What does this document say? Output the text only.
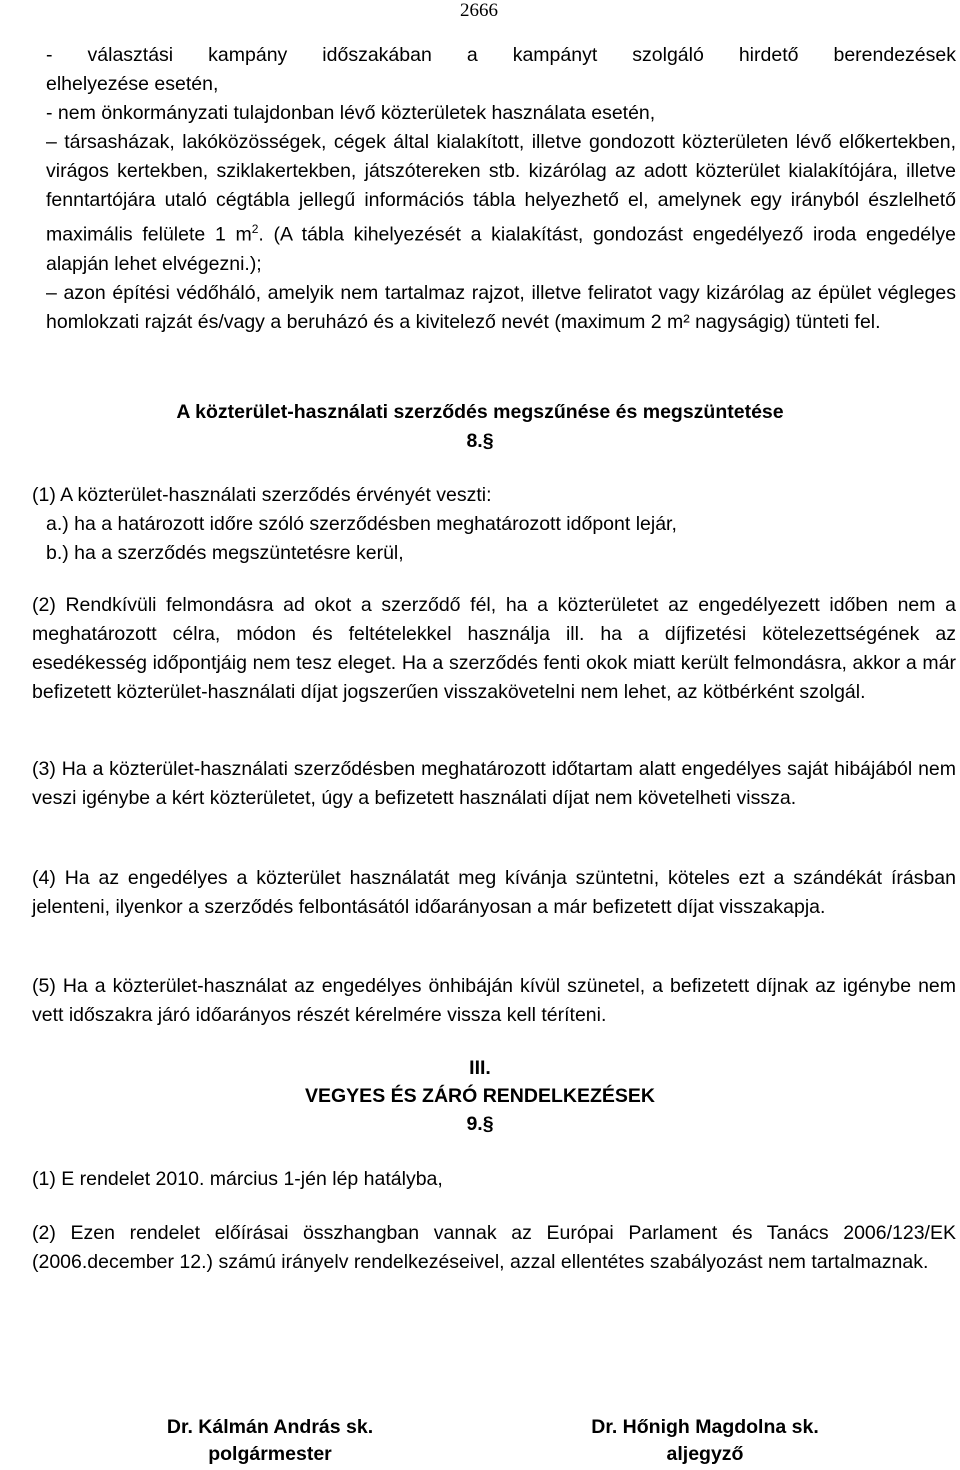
2666

- választási kampány időszakában a kampányt szolgáló hirdető berendezések

elhelyezése esetén,

- nem önkormányzati tulajdonban lévő közterületek használata esetén,

– társasházak, lakóközösségek, cégek által kialakított, illetve gondozott közterületen lévő előkertekben, virágos kertekben, sziklakertekben, játszótereken stb. kizárólag az adott közterület kialakítójára, illetve fenntartójára utaló cégtábla jellegű információs tábla helyezhető el, amelynek egy irányból észlelhető maximális felülete 1 $m^2$. (A tábla kihelyezését a kialakítást, gondozást engedélyező iroda engedélye alapján lehet elvégezni.);

– azon építési védőháló, amelyik nem tartalmaz rajzot, illetve feliratot vagy kizárólag az épület végleges homlokzati rajzát és/vagy a beruházó és a kivitelező nevét (maximum 2 m² nagyságig) tünteti fel.

A közterület-használati szerződés megszűnése és megszüntetése
8.§

(1) A közterület-használati szerződés érvényét veszti:

a.) ha a határozott időre szóló szerződésben meghatározott időpont lejár,

b.) ha a szerződés megszüntetésre kerül,

(2) Rendkívüli felmondásra ad okot a szerződő fél, ha a közterületet az engedélyezett időben nem a meghatározott célra, módon és feltételekkel használja ill. ha a díjfizetési kötelezettségének az esedékesség időpontjáig nem tesz eleget. Ha a szerződés fenti okok miatt került felmondásra, akkor a már befizetett közterület-használati díjat jogszerűen visszakövetelni nem lehet, az kötbérként szolgál.

(3) Ha a közterület-használati szerződésben meghatározott időtartam alatt engedélyes saját hibájából nem veszi igénybe a kért közterületet, úgy a befizetett használati díjat nem követelheti vissza.

(4) Ha az engedélyes a közterület használatát meg kívánja szüntetni, köteles ezt a szándékát írásban jelenteni, ilyenkor a szerződés felbontásától időarányosan a már befizetett díjat visszakapja.

(5) Ha a közterület-használat az engedélyes önhibáján kívül szünetel, a befizetett díjnak az igénybe nem vett időszakra járó időarányos részét kérelmére vissza kell téríteni.

III.
VEGYES ÉS ZÁRÓ RENDELKEZÉSEK
9.§

(1) E rendelet 2010. március 1-jén lép hatályba,

(2) Ezen rendelet előírásai összhangban vannak az Európai Parlament és Tanács 2006/123/EK (2006.december 12.) számú irányelv rendelkezéseivel, azzal ellentétes szabályozást nem tartalmaznak.

Dr. Kálmán András sk.
polgármester
Dr. Hőnigh Magdolna sk.
aljegyző
